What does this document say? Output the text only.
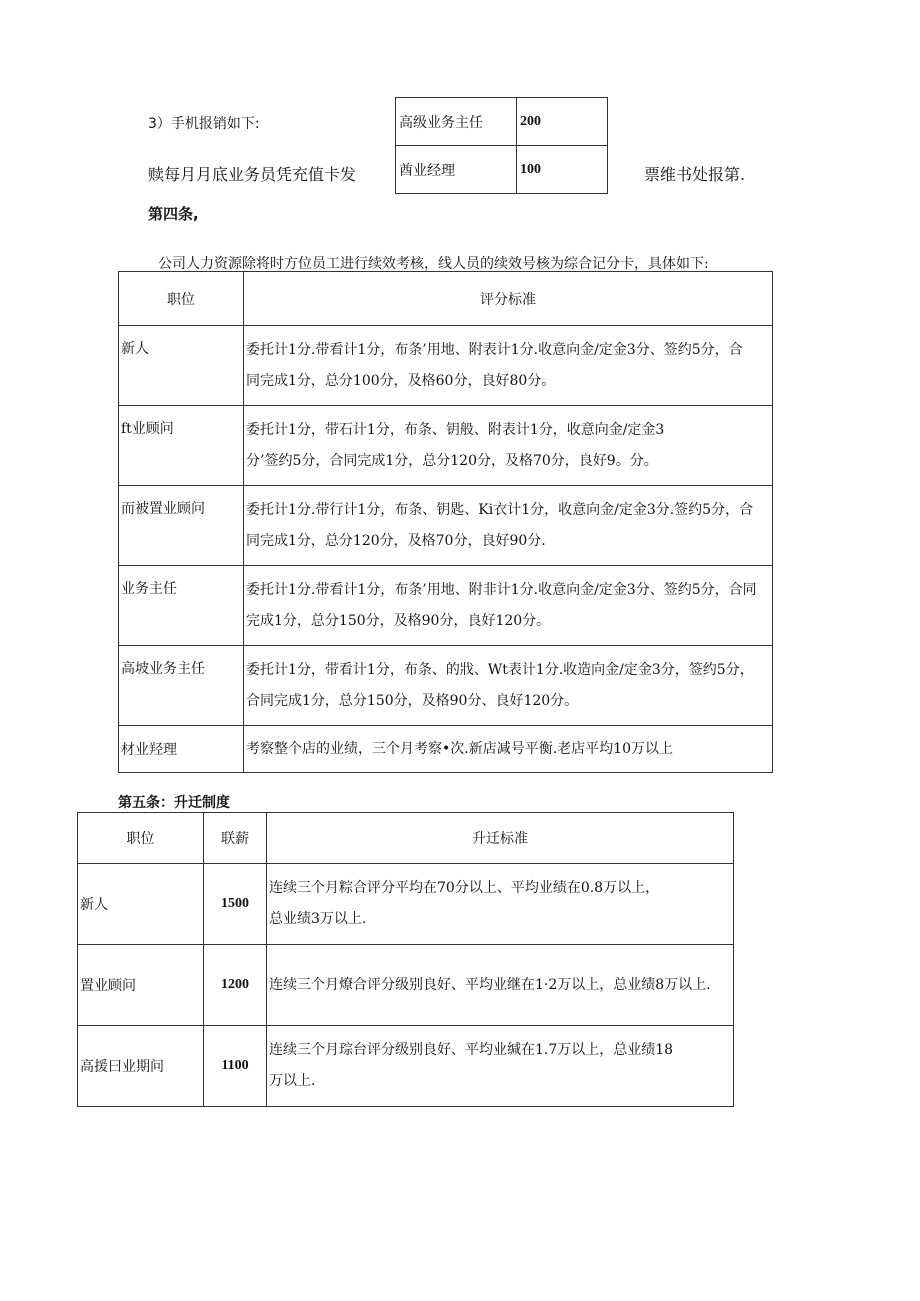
3）手机报销如下:
赎每月月底业务员凭充值卡发
高级业务主任	200
酋业经理	100	票维书处报第.
第四条,
公司人力资源除将时方位员工进行续效考核，线人员的续效号核为综合记分卡，具体如下:
职位	评分标准
新人	委托计1分.带看计1分，布条’用地、附表计1分.收意向金/定金3分、签约5分，合
同完成1分，总分100分，及格60分，良好80分。

ft业顾问	委托计1分，带石计1分，布条、钥般、附表计1分，收意向金/定金3
分’签约5分，合同完成1分，总分120分，及格70分，良好9。分。

而被置业顾问	委托计1分.带行计1分，布条、钥匙、Ki衣计1分，收意向金/定金3分.签约5分，合
同完成1分，总分120分，及格70分，良好90分.

业务主任	委托计1分.带看计1分，布条’用地、附非计1分.收意向金/定金3分、签约5分，合同
完成1分，总分150分，及格90分，良好120分。

高坡业务主任	委托计1分，带看计1分，布条、的戕、Wt表计1分.收造向金/定金3分，签约5分，
合同完成1分，总分150分，及格90分、良好120分。

材业羟理	考察整个店的业绩，三个月考察•次.新店减号平衡.老店平均10万以上
第五条：升迁制度
职位	联薪	升迁标准
新人	1500	连续三个月粽合评分平均在70分以上、平均业绩在0.8万以上，
总业绩3万以上.

置业顾问	1200	连续三个月燎合评分级别良好、平均业继在1·2万以上，总业绩8万以上.

高援曰业期问	1100	连续三个月琮台评分级别良好、平均业缄在1.7万以上，总业绩18
万以上.
